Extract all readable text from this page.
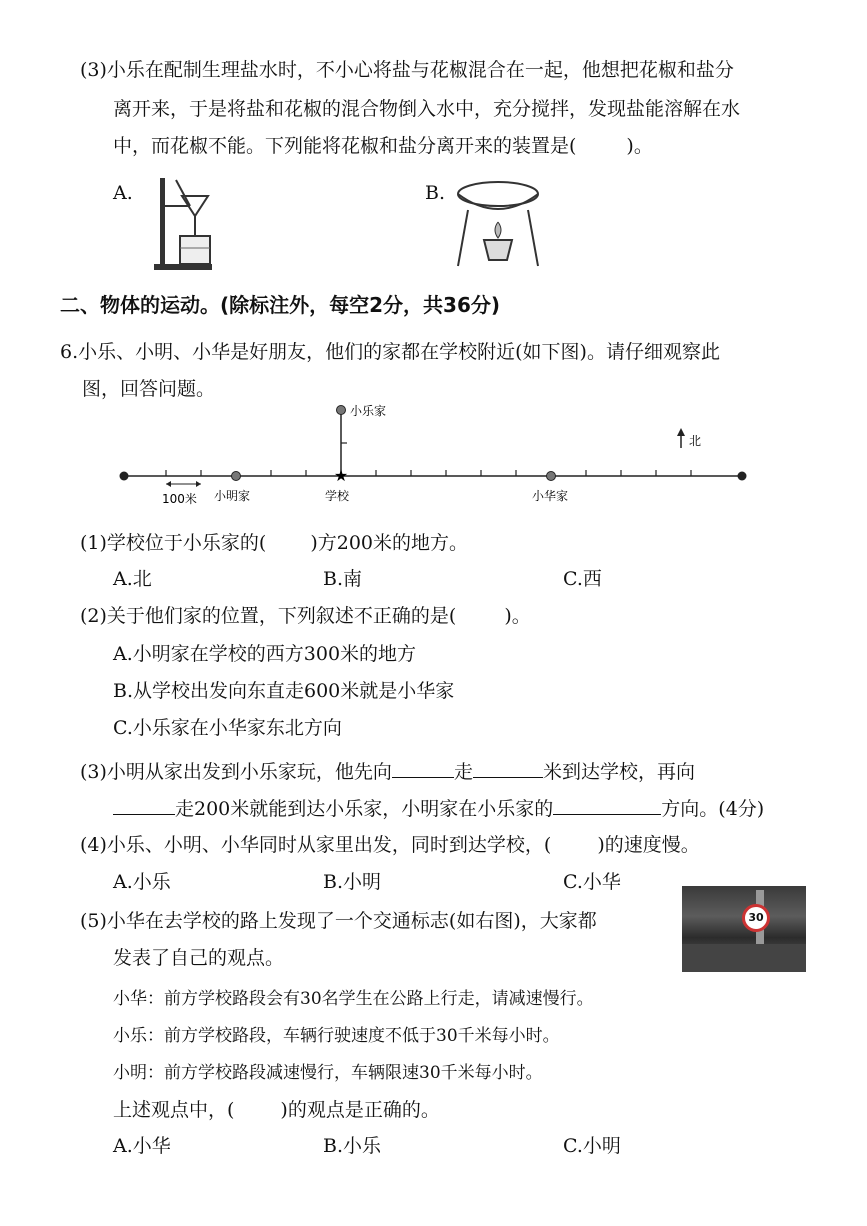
(3)小乐在配制生理盐水时，不小心将盐与花椒混合在一起，他想把花椒和盐分
离开来，于是将盐和花椒的混合物倒入水中，充分搅拌，发现盐能溶解在水
中，而花椒不能。下列能将花椒和盐分离开来的装置是(	)。
A.	B.
二、物体的运动。(除标注外，每空2分，共36分)
6.小乐、小明、小华是好朋友，他们的家都在学校附近(如下图)。请仔细观察此
图，回答问题。
小乐家
★
100米 小明家	学校	小华家
北
(1)学校位于小乐家的( )方200米的地方。
A.北	B.南	C.西
(2)关于他们家的位置，下列叙述不正确的是(	)。
A.小明家在学校的西方300米的地方
B.从学校出发向东直走600米就是小华家
C.小乐家在小华家东北方向
(3)小明从家出发到小乐家玩，他先向	走	米到达学校，再向
走200米就能到达小乐家，小明家在小乐家的	方向。(4分)
(4)小乐、小明、小华同时从家里出发，同时到达学校，( )的速度慢。
A.小乐	B.小明	C.小华
(5)小华在去学校的路上发现了一个交通标志(如右图)，大家都
发表了自己的观点。
30
小华：前方学校路段会有30名学生在公路上行走，请减速慢行。
小乐：前方学校路段，车辆行驶速度不低于30千米每小时。
小明：前方学校路段减速慢行，车辆限速30千米每小时。
上述观点中，( )的观点是正确的。
A.小华	B.小乐	C.小明
